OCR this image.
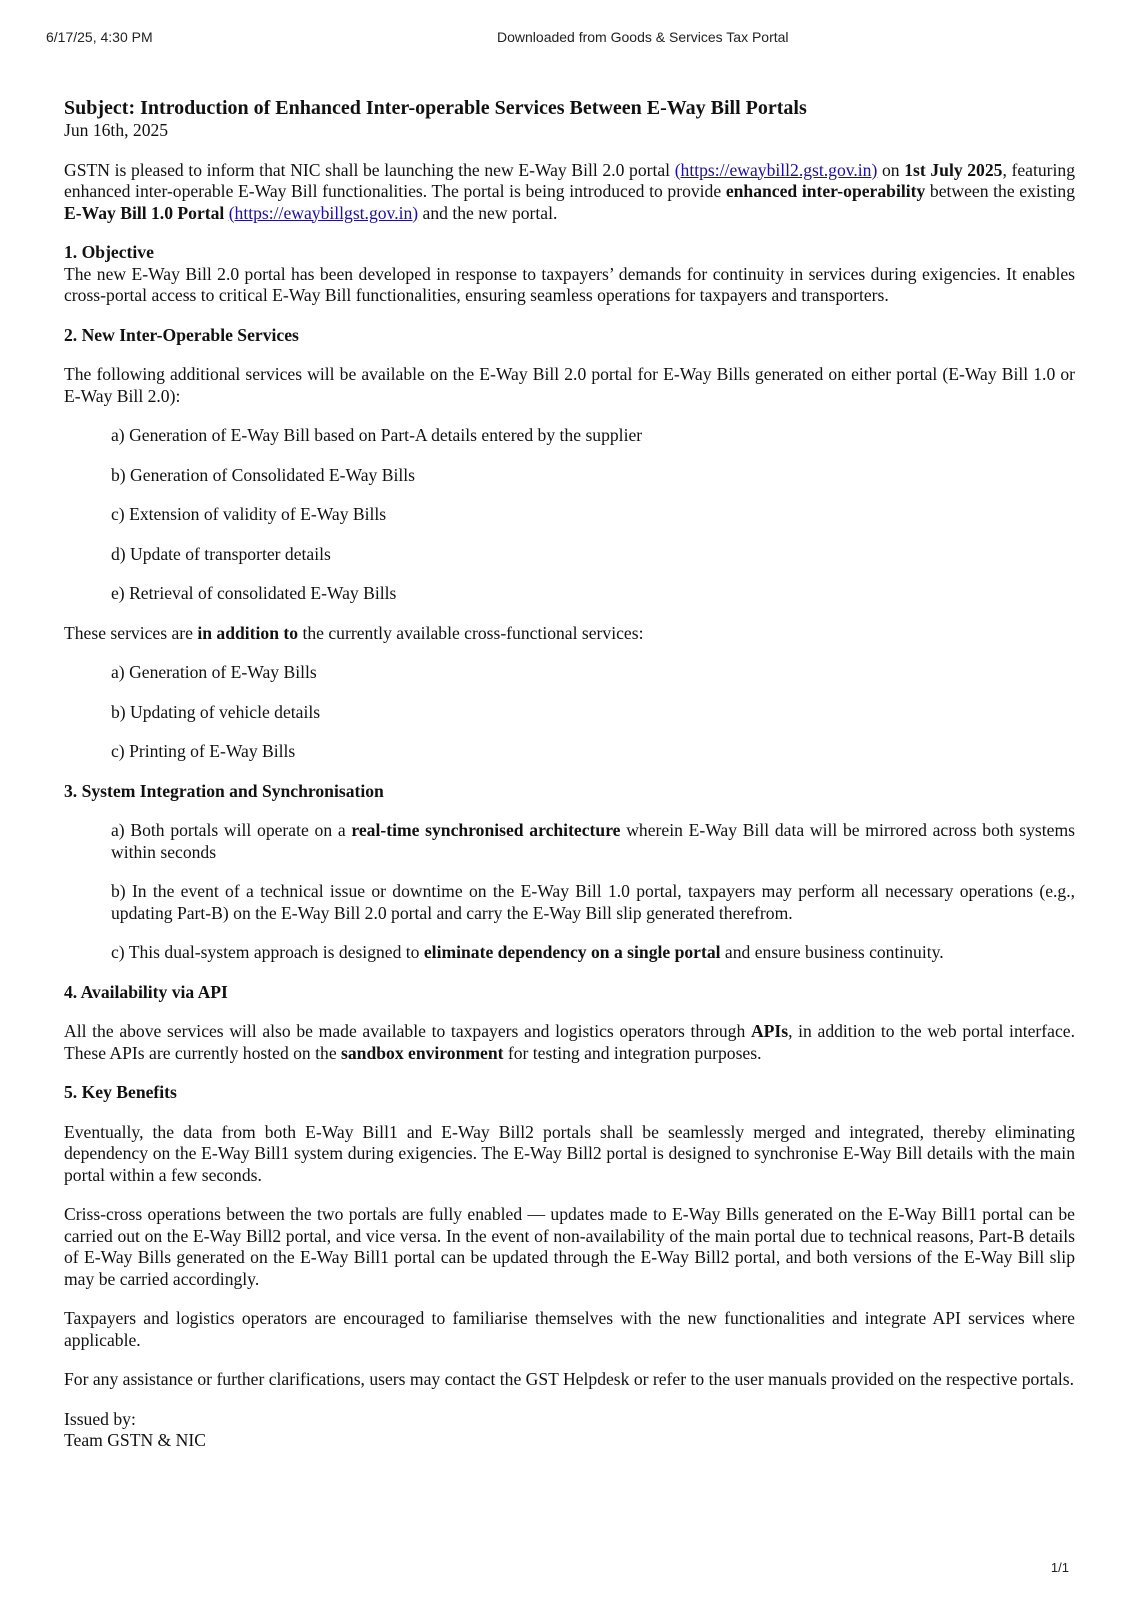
6/17/25, 4:30 PM	Downloaded from Goods & Services Tax Portal

Subject: Introduction of Enhanced Inter-operable Services Between E-Way Bill Portals

Jun 16th, 2025

GSTN is pleased to inform that NIC shall be launching the new E-Way Bill 2.0 portal (https://ewaybill2.gst.gov.in) on 1st July 2025, featuring enhanced inter-operable E-Way Bill functionalities. The portal is being introduced to provide enhanced inter-operability between the existing E-Way Bill 1.0 Portal (https://ewaybillgst.gov.in) and the new portal.

1. Objective

The new E-Way Bill 2.0 portal has been developed in response to taxpayers’ demands for continuity in services during exigencies. It enables cross-portal access to critical E-Way Bill functionalities, ensuring seamless operations for taxpayers and transporters.

2. New Inter-Operable Services

The following additional services will be available on the E-Way Bill 2.0 portal for E-Way Bills generated on either portal (E-Way Bill 1.0 or E-Way Bill 2.0):

a) Generation of E-Way Bill based on Part-A details entered by the supplier

b) Generation of Consolidated E-Way Bills

c) Extension of validity of E-Way Bills

d) Update of transporter details

e) Retrieval of consolidated E-Way Bills

These services are in addition to the currently available cross-functional services:

a) Generation of E-Way Bills

b) Updating of vehicle details

c) Printing of E-Way Bills

3. System Integration and Synchronisation

a) Both portals will operate on a real-time synchronised architecture wherein E-Way Bill data will be mirrored across both systems within seconds

b) In the event of a technical issue or downtime on the E-Way Bill 1.0 portal, taxpayers may perform all necessary operations (e.g., updating Part-B) on the E-Way Bill 2.0 portal and carry the E-Way Bill slip generated therefrom.

c) This dual-system approach is designed to eliminate dependency on a single portal and ensure business continuity.

4. Availability via API

All the above services will also be made available to taxpayers and logistics operators through APIs, in addition to the web portal interface. These APIs are currently hosted on the sandbox environment for testing and integration purposes.

5. Key Benefits

Eventually, the data from both E-Way Bill1 and E-Way Bill2 portals shall be seamlessly merged and integrated, thereby eliminating dependency on the E-Way Bill1 system during exigencies. The E-Way Bill2 portal is designed to synchronise E-Way Bill details with the main portal within a few seconds.

Criss-cross operations between the two portals are fully enabled — updates made to E-Way Bills generated on the E-Way Bill1 portal can be carried out on the E-Way Bill2 portal, and vice versa. In the event of non-availability of the main portal due to technical reasons, Part-B details of E-Way Bills generated on the E-Way Bill1 portal can be updated through the E-Way Bill2 portal, and both versions of the E-Way Bill slip may be carried accordingly.

Taxpayers and logistics operators are encouraged to familiarise themselves with the new functionalities and integrate API services where applicable.

For any assistance or further clarifications, users may contact the GST Helpdesk or refer to the user manuals provided on the respective portals.

Issued by:

Team GSTN & NIC

1/1
